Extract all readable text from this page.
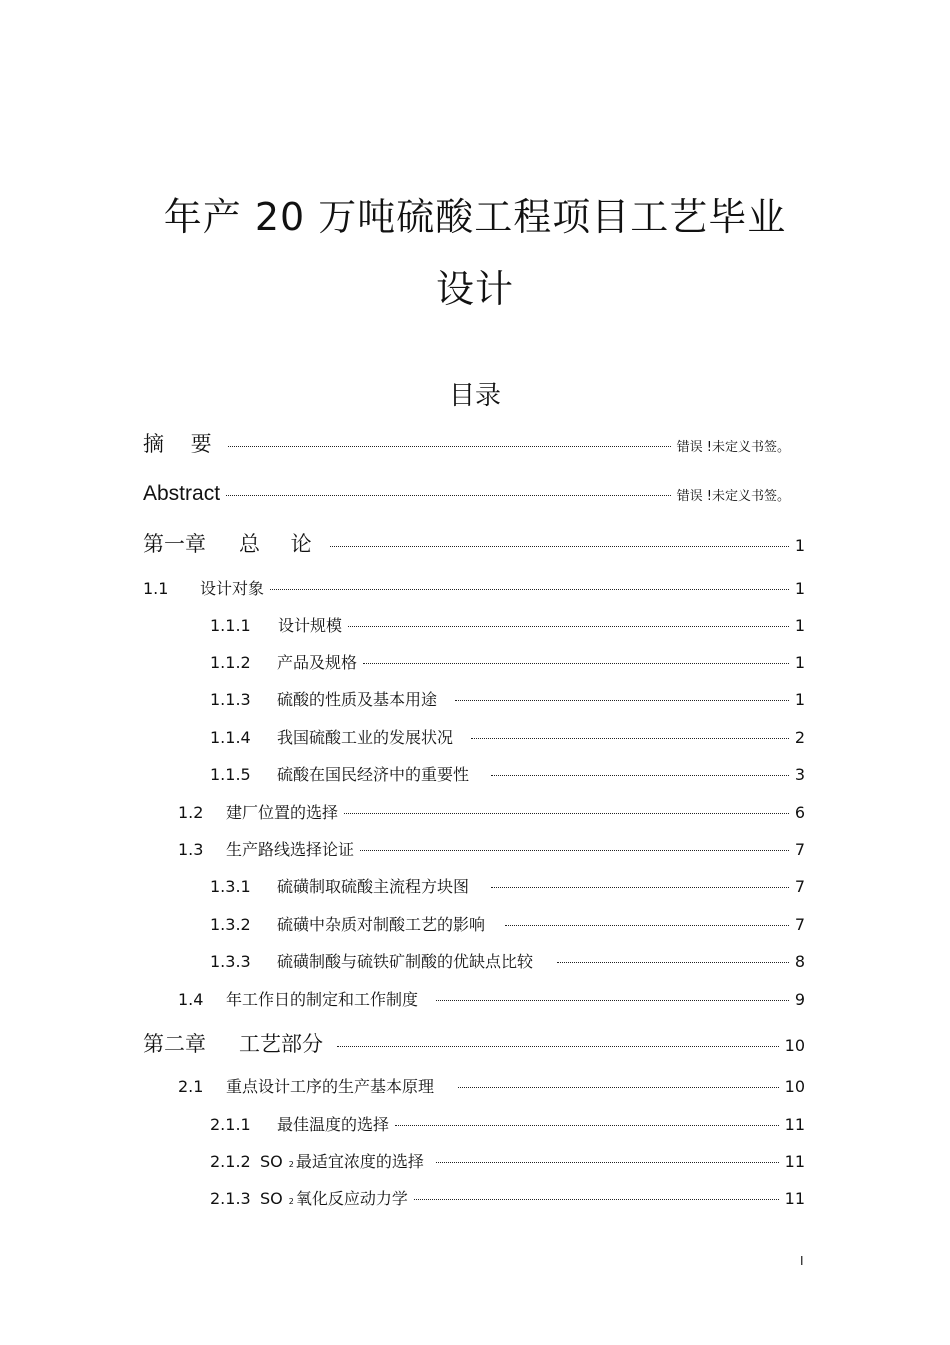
年产 20 万吨硫酸工程项目工艺毕业
设计
目录
摘 要	错误 !未定义书签。
Abstract	错误 !未定义书签。
第一章	总 论	1
1.1	设计对象	1
1.1.1	设计规模	1
1.1.2	产品及规格	1
1.1.3	硫酸的性质及基本用途	1
1.1.4	我国硫酸工业的发展状况	2
1.1.5	硫酸在国民经济中的重要性	3
1.2	建厂位置的选择	6
1.3	生产路线选择论证	7
1.3.1	硫磺制取硫酸主流程方块图	7
1.3.2	硫磺中杂质对制酸工艺的影响	7
1.3.3	硫磺制酸与硫铁矿制酸的优缺点比较	8
1.4	年工作日的制定和工作制度	9
第二章	工艺部分	10
2.1	重点设计工序的生产基本原理	10
2.1.1	最佳温度的选择	11
2.1.2 SO 2 最适宜浓度的选择	11
2.1.3 SO 2 氧化反应动力学	11
I
